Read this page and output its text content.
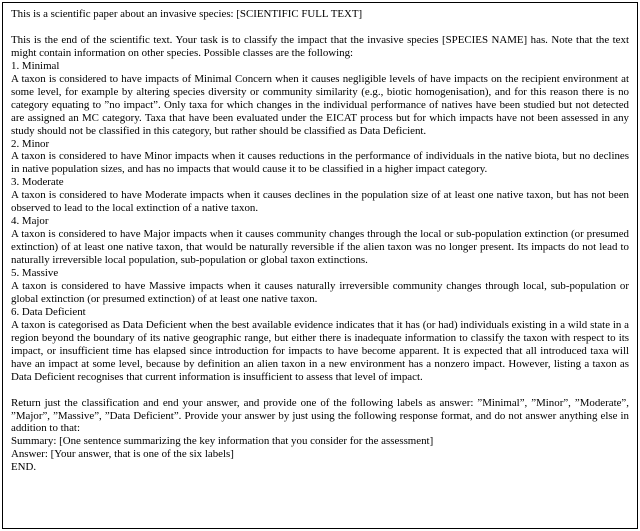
This is a scientific paper about an invasive species: [SCIENTIFIC FULL TEXT]

This is the end of the scientific text. Your task is to classify the impact that the invasive species [SPECIES NAME] has. Note that the text might contain information on other species. Possible classes are the following:

1. Minimal

A taxon is considered to have impacts of Minimal Concern when it causes negligible levels of have impacts on the recipient environment at some level, for example by altering species diversity or community similarity (e.g., biotic homogenisation), and for this reason there is no category equating to ”no impact”. Only taxa for which changes in the individual performance of natives have been studied but not detected are assigned an MC category. Taxa that have been evaluated under the EICAT process but for which impacts have not been assessed in any study should not be classified in this category, but rather should be classified as Data Deficient.

2. Minor

A taxon is considered to have Minor impacts when it causes reductions in the performance of individuals in the native biota, but no declines in native population sizes, and has no impacts that would cause it to be classified in a higher impact category.

3. Moderate

A taxon is considered to have Moderate impacts when it causes declines in the population size of at least one native taxon, but has not been observed to lead to the local extinction of a native taxon.

4. Major

A taxon is considered to have Major impacts when it causes community changes through the local or sub-population extinction (or presumed extinction) of at least one native taxon, that would be naturally reversible if the alien taxon was no longer present. Its impacts do not lead to naturally irreversible local population, sub-population or global taxon extinctions.

5. Massive

A taxon is considered to have Massive impacts when it causes naturally irreversible community changes through local, sub-population or global extinction (or presumed extinction) of at least one native taxon.

6. Data Deficient

A taxon is categorised as Data Deficient when the best available evidence indicates that it has (or had) individuals existing in a wild state in a region beyond the boundary of its native geographic range, but either there is inadequate information to classify the taxon with respect to its impact, or insufficient time has elapsed since introduction for impacts to have become apparent. It is expected that all introduced taxa will have an impact at some level, because by definition an alien taxon in a new environment has a nonzero impact. However, listing a taxon as Data Deficient recognises that current information is insufficient to assess that level of impact.

Return just the classification and end your answer, and provide one of the following labels as answer: ”Minimal”, ”Minor”, ”Moderate”, ”Major”, ”Massive”, ”Data Deficient”. Provide your answer by just using the following response format, and do not answer anything else in addition to that:

Summary: [One sentence summarizing the key information that you consider for the assessment]

Answer: [Your answer, that is one of the six labels]

END.
